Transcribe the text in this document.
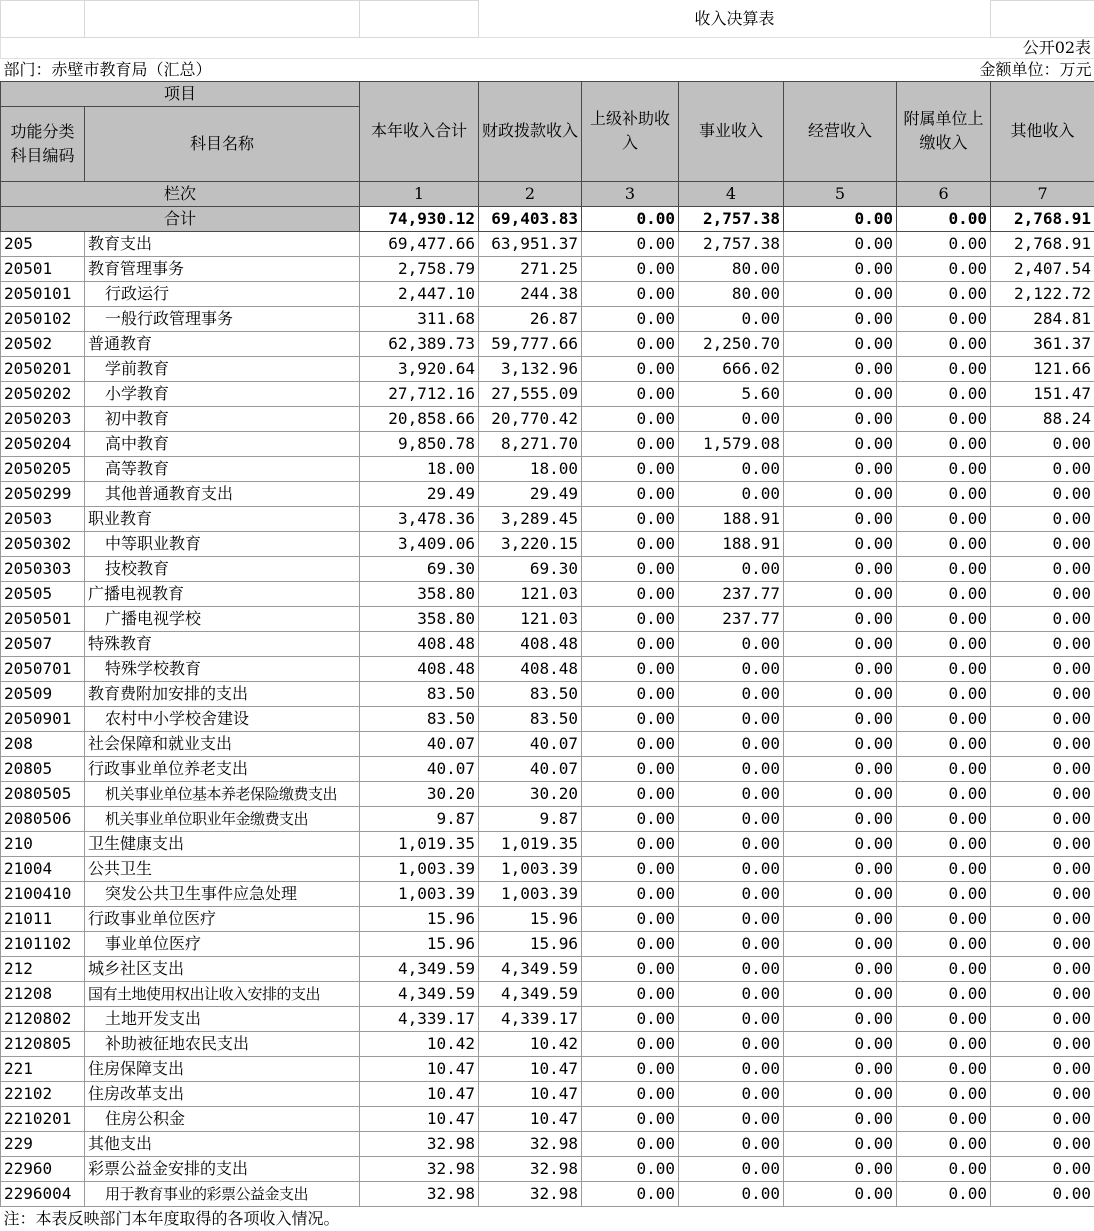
			收入决算表					
公开02表								
部门：赤壁市教育局（汇总）				金额单位：万元				
项目		本年收入合计	财政拨款收入	上级补助收入	事业收入	经营收入	附属单位上缴收入	其他收入
功能分类科目编码	科目名称							

栏次		1	2	3	4	5	6	7
合计		74,930.12	69,403.83	0.00	2,757.38	0.00	0.00	2,768.91
205	教育支出	69,477.66	63,951.37	0.00	2,757.38	0.00	0.00	2,768.91
20501	教育管理事务	2,758.79	271.25	0.00	80.00	0.00	0.00	2,407.54
2050101	行政运行	2,447.10	244.38	0.00	80.00	0.00	0.00	2,122.72
2050102	一般行政管理事务	311.68	26.87	0.00	0.00	0.00	0.00	284.81
20502	普通教育	62,389.73	59,777.66	0.00	2,250.70	0.00	0.00	361.37
2050201	学前教育	3,920.64	3,132.96	0.00	666.02	0.00	0.00	121.66
2050202	小学教育	27,712.16	27,555.09	0.00	5.60	0.00	0.00	151.47
2050203	初中教育	20,858.66	20,770.42	0.00	0.00	0.00	0.00	88.24
2050204	高中教育	9,850.78	8,271.70	0.00	1,579.08	0.00	0.00	0.00
2050205	高等教育	18.00	18.00	0.00	0.00	0.00	0.00	0.00
2050299	其他普通教育支出	29.49	29.49	0.00	0.00	0.00	0.00	0.00
20503	职业教育	3,478.36	3,289.45	0.00	188.91	0.00	0.00	0.00
2050302	中等职业教育	3,409.06	3,220.15	0.00	188.91	0.00	0.00	0.00
2050303	技校教育	69.30	69.30	0.00	0.00	0.00	0.00	0.00
20505	广播电视教育	358.80	121.03	0.00	237.77	0.00	0.00	0.00
2050501	广播电视学校	358.80	121.03	0.00	237.77	0.00	0.00	0.00
20507	特殊教育	408.48	408.48	0.00	0.00	0.00	0.00	0.00
2050701	特殊学校教育	408.48	408.48	0.00	0.00	0.00	0.00	0.00
20509	教育费附加安排的支出	83.50	83.50	0.00	0.00	0.00	0.00	0.00
2050901	农村中小学校舍建设	83.50	83.50	0.00	0.00	0.00	0.00	0.00
208	社会保障和就业支出	40.07	40.07	0.00	0.00	0.00	0.00	0.00
20805	行政事业单位养老支出	40.07	40.07	0.00	0.00	0.00	0.00	0.00
2080505	机关事业单位基本养老保险缴费支出	30.20	30.20	0.00	0.00	0.00	0.00	0.00
2080506	机关事业单位职业年金缴费支出	9.87	9.87	0.00	0.00	0.00	0.00	0.00
210	卫生健康支出	1,019.35	1,019.35	0.00	0.00	0.00	0.00	0.00
21004	公共卫生	1,003.39	1,003.39	0.00	0.00	0.00	0.00	0.00
2100410	突发公共卫生事件应急处理	1,003.39	1,003.39	0.00	0.00	0.00	0.00	0.00
21011	行政事业单位医疗	15.96	15.96	0.00	0.00	0.00	0.00	0.00
2101102	事业单位医疗	15.96	15.96	0.00	0.00	0.00	0.00	0.00
212	城乡社区支出	4,349.59	4,349.59	0.00	0.00	0.00	0.00	0.00
21208	国有土地使用权出让收入安排的支出	4,349.59	4,349.59	0.00	0.00	0.00	0.00	0.00
2120802	土地开发支出	4,339.17	4,339.17	0.00	0.00	0.00	0.00	0.00
2120805	补助被征地农民支出	10.42	10.42	0.00	0.00	0.00	0.00	0.00
221	住房保障支出	10.47	10.47	0.00	0.00	0.00	0.00	0.00
22102	住房改革支出	10.47	10.47	0.00	0.00	0.00	0.00	0.00
2210201	住房公积金	10.47	10.47	0.00	0.00	0.00	0.00	0.00
229	其他支出	32.98	32.98	0.00	0.00	0.00	0.00	0.00
22960	彩票公益金安排的支出	32.98	32.98	0.00	0.00	0.00	0.00	0.00
2296004	用于教育事业的彩票公益金支出	32.98	32.98	0.00	0.00	0.00	0.00	0.00
注：本表反映部门本年度取得的各项收入情况。								
